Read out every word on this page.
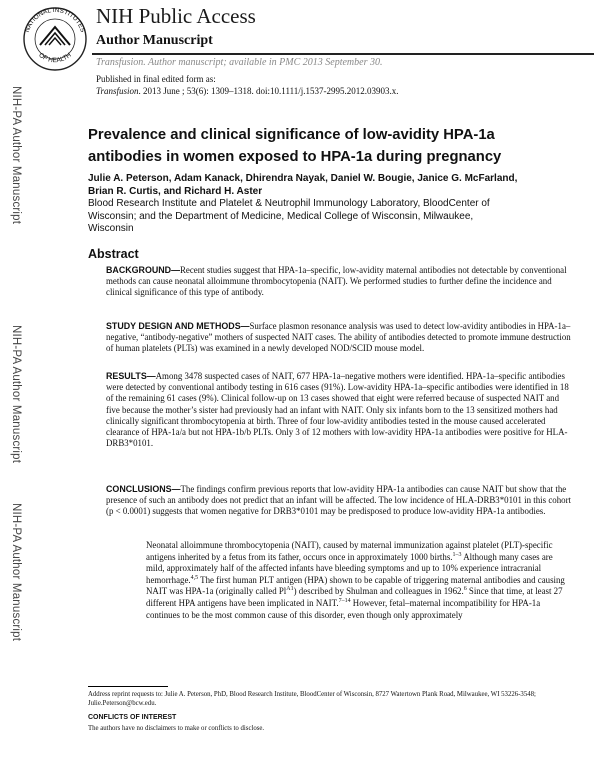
NATIONAL INSTITUTES
OF HEALTH
NIH Public Access
Author Manuscript
Transfusion. Author manuscript; available in PMC 2013 September 30.
NIH-PA Author Manuscript
NIH-PA Author Manuscript
NIH-PA Author Manuscript
Published in final edited form as:
Transfusion. 2013 June ; 53(6): 1309–1318. doi:10.1111/j.1537-2995.2012.03903.x.
Prevalence and clinical significance of low-avidity HPA-1a
antibodies in women exposed to HPA-1a during pregnancy
Julie A. Peterson, Adam Kanack, Dhirendra Nayak, Daniel W. Bougie, Janice G. McFarland,
Brian R. Curtis, and Richard H. Aster
Blood Research Institute and Platelet & Neutrophil Immunology Laboratory, BloodCenter of
Wisconsin; and the Department of Medicine, Medical College of Wisconsin, Milwaukee,
Wisconsin
Abstract
BACKGROUND—Recent studies suggest that HPA-1a–specific, low-avidity maternal antibodies not detectable by conventional methods can cause neonatal alloimmune thrombocytopenia (NAIT). We performed studies to further define the incidence and clinical significance of this type of antibody.
STUDY DESIGN AND METHODS—Surface plasmon resonance analysis was used to detect low-avidity antibodies in HPA-1a–negative, “antibody-negative” mothers of suspected NAIT cases. The ability of antibodies detected to promote immune destruction of human platelets (PLTs) was examined in a newly developed NOD/SCID mouse model.
RESULTS—Among 3478 suspected cases of NAIT, 677 HPA-1a–negative mothers were identified. HPA-1a–specific antibodies were detected by conventional antibody testing in 616 cases (91%). Low-avidity HPA-1a–specific antibodies were identified in 18 of the remaining 61 cases (9%). Clinical follow-up on 13 cases showed that eight were referred because of suspected NAIT and five because the mother’s sister had previously had an infant with NAIT. Only six infants born to the 13 sensitized mothers had clinically significant thrombocytopenia at birth. Three of four low-avidity antibodies tested in the mouse caused accelerated clearance of HPA-1a/a but not HPA-1b/b PLTs. Only 3 of 12 mothers with low-avidity HPA-1a antibodies were positive for HLA-DRB3*0101.
CONCLUSIONS—The findings confirm previous reports that low-avidity HPA-1a antibodies can cause NAIT but show that the presence of such an antibody does not predict that an infant will be affected. The low incidence of HLA-DRB3*0101 in this cohort (p < 0.0001) suggests that women negative for DRB3*0101 may be predisposed to produce low-avidity HPA-1a antibodies.
Neonatal alloimmune thrombocytopenia (NAIT), caused by maternal immunization against platelet (PLT)-specific antigens inherited by a fetus from its father, occurs once in approximately 1000 births.$^{1-3}$ Although many cases are mild, approximately half of the affected infants have bleeding symptoms and up to 10% experience intracranial hemorrhage.$^{4,5}$ The first human PLT antigen (HPA) shown to be capable of triggering maternal antibodies and causing NAIT was HPA-1a (originally called $Pl^{A1}$) described by Shulman and colleagues in 1962.$^6$ Since that time, at least 27 different HPA antigens have been implicated in NAIT.$^{7-14}$ However, fetal–maternal incompatibility for HPA-1a continues to be the most common cause of this disorder, even though only approximately
Address reprint requests to: Julie A. Peterson, PhD, Blood Research Institute, BloodCenter of Wisconsin, 8727 Watertown Plank Road, Milwaukee, WI 53226-3548; Julie.Peterson@bcw.edu.
CONFLICTS OF INTEREST
The authors have no disclaimers to make or conflicts to disclose.
